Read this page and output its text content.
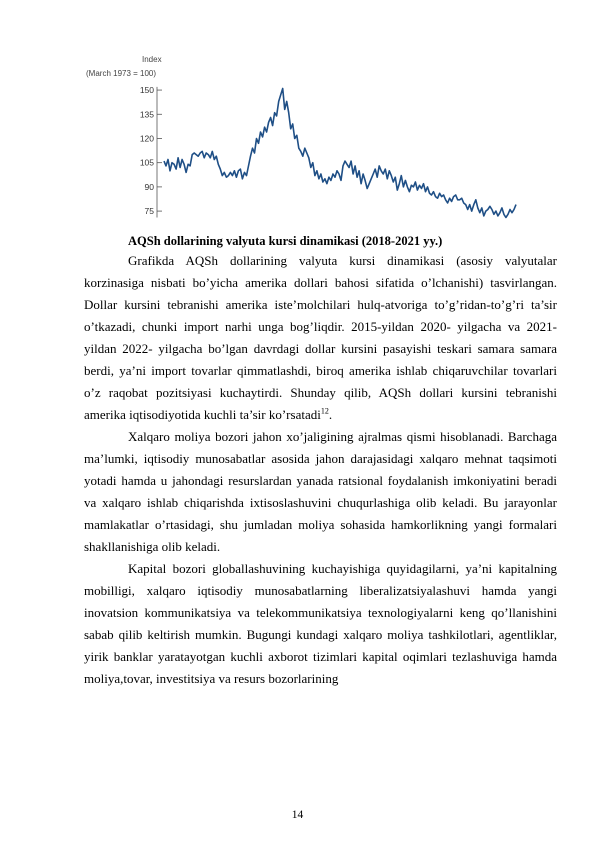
Index
(March 1973 = 100)
75
90
105
120
135
150
AQSh dollarining valyuta kursi dinamikasi (2018-2021 yy.)

Grafikda AQSh dollarining valyuta kursi dinamikasi (asosiy valyutalar korzinasiga nisbati bo’yicha amerika dollari bahosi sifatida o’lchanishi) tasvirlangan. Dollar kursini tebranishi amerika iste’molchilari hulq-atvoriga to’g’ridan-to’g’ri ta’sir o’tkazadi, chunki import narhi unga bog’liqdir. 2015-yildan 2020- yilgacha va 2021- yildan 2022- yilgacha bo’lgan davrdagi dollar kursini pasayishi teskari samara samara berdi, ya’ni import tovarlar qimmatlashdi, biroq amerika ishlab chiqaruvchilar tovarlari o’z raqobat pozitsiyasi kuchaytirdi. Shunday qilib, AQSh dollari kursini tebranishi amerika iqtisodiyotida kuchli ta’sir ko’rsatadi$^{12}$.

Xalqaro moliya bozori jahon xo’jaligining ajralmas qismi hisoblanadi. Barchaga ma’lumki, iqtisodiy munosabatlar asosida jahon darajasidagi xalqaro mehnat taqsimoti yotadi hamda u jahondagi resurslardan yanada ratsional foydalanish imkoniyatini beradi va xalqaro ishlab chiqarishda ixtisoslashuvini chuqurlashiga olib keladi. Bu jarayonlar mamlakatlar o’rtasidagi, shu jumladan moliya sohasida hamkorlikning yangi formalari shakllanishiga olib keladi.

Kapital bozori globallashuvining kuchayishiga quyidagilarni, ya’ni kapitalning mobilligi, xalqaro iqtisodiy munosabatlarning liberalizatsiyalashuvi hamda yangi inovatsion kommunikatsiya va telekommunikatsiya texnologiyalarni keng qo’llanishini sabab qilib keltirish mumkin. Bugungi kundagi xalqaro moliya tashkilotlari, agentliklar, yirik banklar yaratayotgan kuchli axborot tizimlari kapital oqimlari tezlashuviga hamda moliya,tovar, investitsiya va resurs bozorlarining

14
